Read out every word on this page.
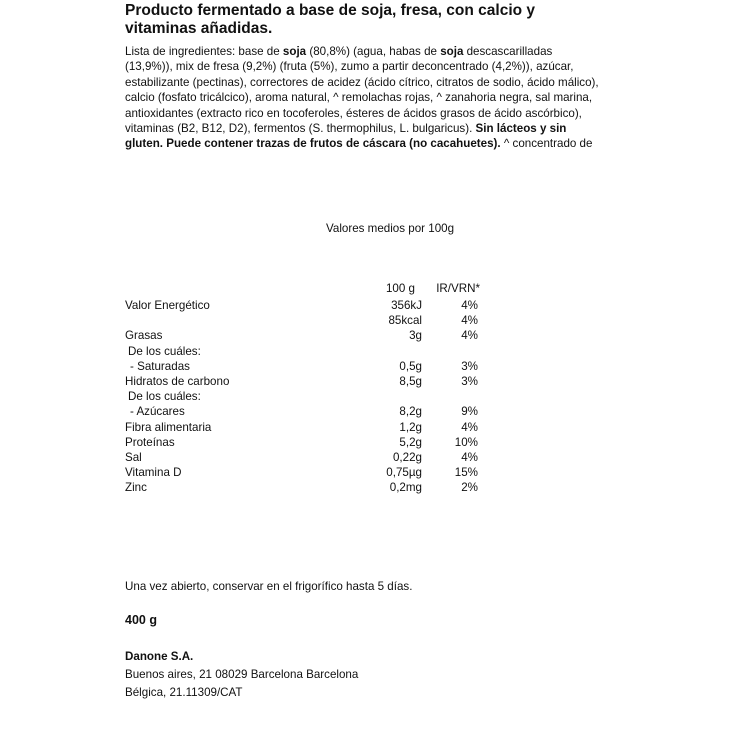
Producto fermentado a base de soja, fresa, con calcio y vitaminas añadidas.
Lista de ingredientes: base de soja (80,8%) (agua, habas de soja descascarilladas (13,9%)), mix de fresa (9,2%) (fruta (5%), zumo a partir deconcentrado (4,2%)), azúcar, estabilizante (pectinas), correctores de acidez (ácido cítrico, citratos de sodio, ácido málico), calcio (fosfato tricálcico), aroma natural, ^ remolachas rojas, ^ zanahoria negra, sal marina, antioxidantes (extracto rico en tocoferoles, ésteres de ácidos grasos de ácido ascórbico), vitaminas (B2, B12, D2), fermentos (S. thermophilus, L. bulgaricus). Sin lácteos y sin gluten. Puede contener trazas de frutos de cáscara (no cacahuetes). ^ concentrado de
Valores medios por 100g
100 g	IR/VRN*
Valor Energético	356kJ	4%
85kcal	4%
Grasas	3g	4%
De los cuáles:
- Saturadas	0,5g	3%
Hidratos de carbono	8,5g	3%
De los cuáles:
- Azúcares	8,2g	9%
Fibra alimentaria	1,2g	4%
Proteínas	5,2g	10%
Sal	0,22g	4%
Vitamina D	0,75µg	15%
Zinc	0,2mg	2%
Una vez abierto, conservar en el frigorífico hasta 5 días.
400 g
Danone S.A.
Buenos aires, 21 08029 Barcelona Barcelona
Bélgica, 21.11309/CAT
